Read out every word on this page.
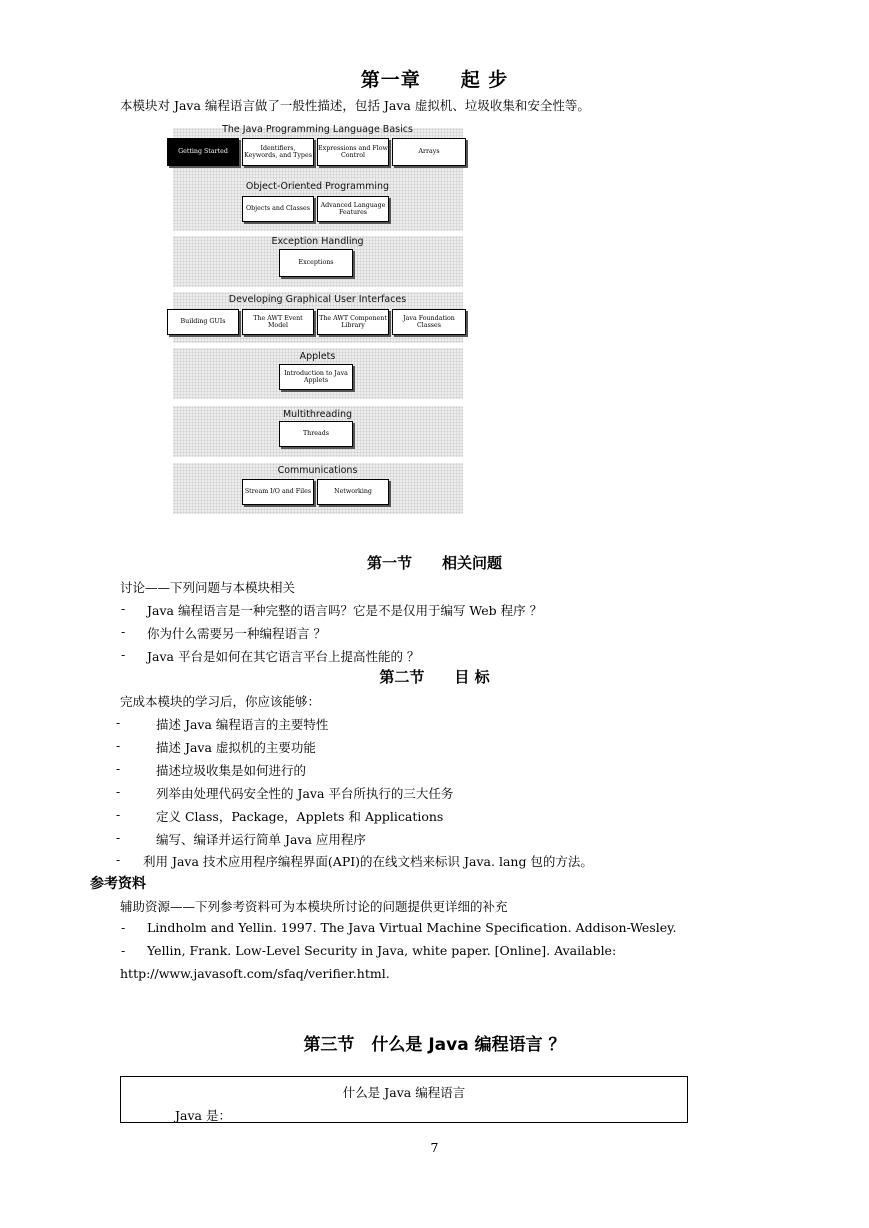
第一章　　起 步
本模块对 Java 编程语言做了一般性描述，包括 Java 虚拟机、垃圾收集和安全性等。
The Java Programming Language Basics
Getting Started
Identifiers, Keywords, and Types
Expressions and Flow Control
Arrays
Object-Oriented Programming
Objects and Classes
Advanced Language Features
Exception Handling
Exceptions
Developing Graphical User Interfaces
Building GUIs
The AWT Event Model
The AWT Component Library
Java Foundation Classes
Applets
Introduction to Java Applets
Multithreading
Threads
Communications
Stream I/O and Files	Networking
第一节　　相关问题
讨论——下列问题与本模块相关
-	Java 编程语言是一种完整的语言吗？它是不是仅用于编写 Web 程序 ？
-	你为什么需要另一种编程语言 ？
-	Java 平台是如何在其它语言平台上提高性能的 ？
第二节　　目 标
完成本模块的学习后，你应该能够：
-	描述 Java 编程语言的主要特性
-	描述 Java 虚拟机的主要功能
-	描述垃圾收集是如何进行的
-	列举由处理代码安全性的 Java 平台所执行的三大任务
-	定义 Class，Package，Applets 和 Applications
-	编写、编译并运行简单 Java 应用程序
-	利用 Java 技术应用程序编程界面(API)的在线文档来标识 Java. lang 包的方法。
参考资料
辅助资源——下列参考资料可为本模块所讨论的问题提供更详细的补充
-	Lindholm and Yellin. 1997. The Java Virtual Machine Specification. Addison-Wesley.
-	Yellin, Frank. Low-Level Security in Java, white paper. [Online]. Available:
http://www.javasoft.com/sfaq/verifier.html.
第三节　什么是 Java 编程语言 ？
什么是 Java 编程语言
Java 是：
7
